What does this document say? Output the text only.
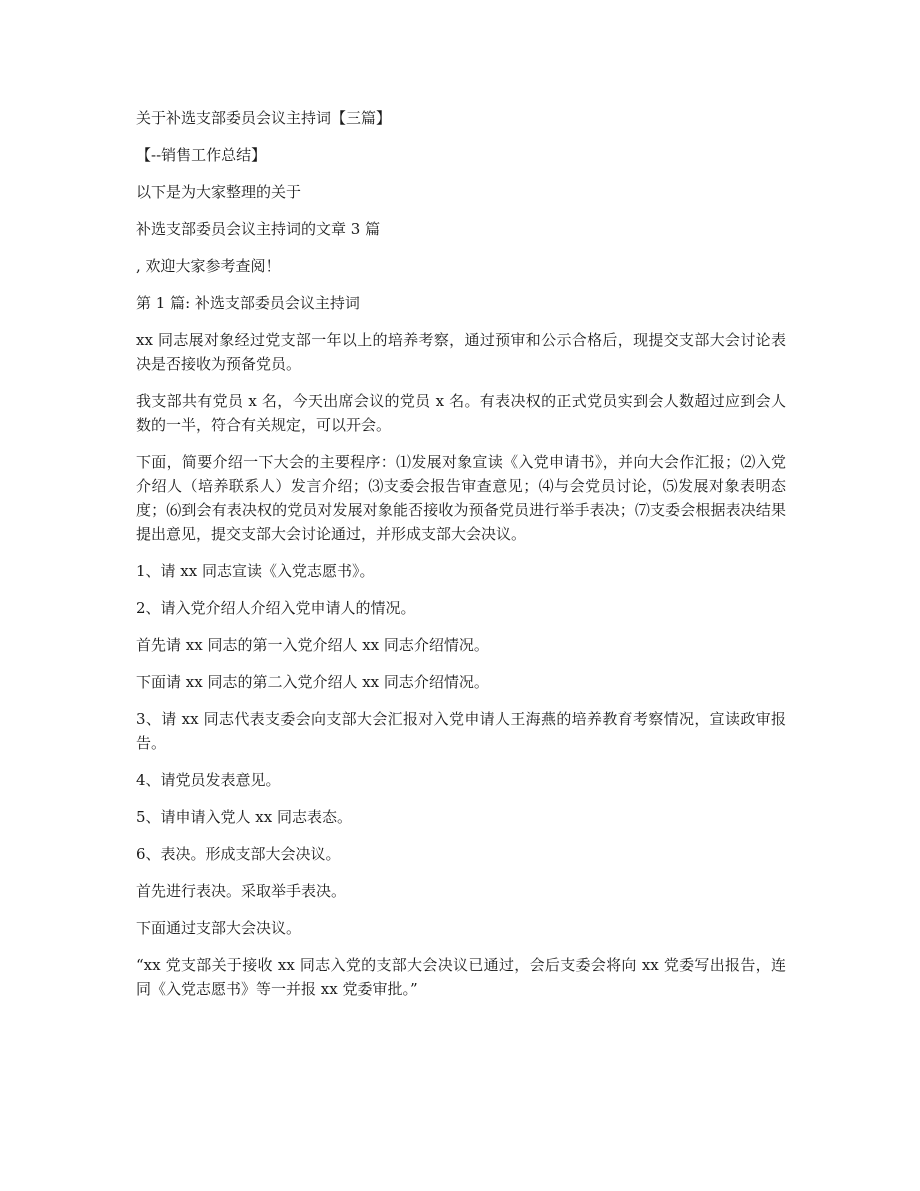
关于补选支部委员会议主持词【三篇】

【--销售工作总结】

以下是为大家整理的关于

补选支部委员会议主持词的文章 3 篇

, 欢迎大家参考查阅！

第 1 篇: 补选支部委员会议主持词

xx 同志展对象经过党支部一年以上的培养考察，通过预审和公示合格后，现提交支部大会讨论表决是否接收为预备党员。

我支部共有党员 x 名，今天出席会议的党员 x 名。有表决权的正式党员实到会人数超过应到会人数的一半，符合有关规定，可以开会。

下面，简要介绍一下大会的主要程序：⑴发展对象宣读《入党申请书》，并向大会作汇报；⑵入党介绍人（培养联系人）发言介绍；⑶支委会报告审查意见；⑷与会党员讨论，⑸发展对象表明态度；⑹到会有表决权的党员对发展对象能否接收为预备党员进行举手表决；⑺支委会根据表决结果提出意见，提交支部大会讨论通过，并形成支部大会决议。

1、请 xx 同志宣读《入党志愿书》。

2、请入党介绍人介绍入党申请人的情况。

首先请 xx 同志的第一入党介绍人 xx 同志介绍情况。

下面请 xx 同志的第二入党介绍人 xx 同志介绍情况。

3、请 xx 同志代表支委会向支部大会汇报对入党申请人王海燕的培养教育考察情况，宣读政审报告。

4、请党员发表意见。

5、请申请入党人 xx 同志表态。

6、表决。形成支部大会决议。

首先进行表决。采取举手表决。

下面通过支部大会决议。

“xx 党支部关于接收 xx 同志入党的支部大会决议已通过，会后支委会将向 xx 党委写出报告，连同《入党志愿书》等一并报 xx 党委审批。”
